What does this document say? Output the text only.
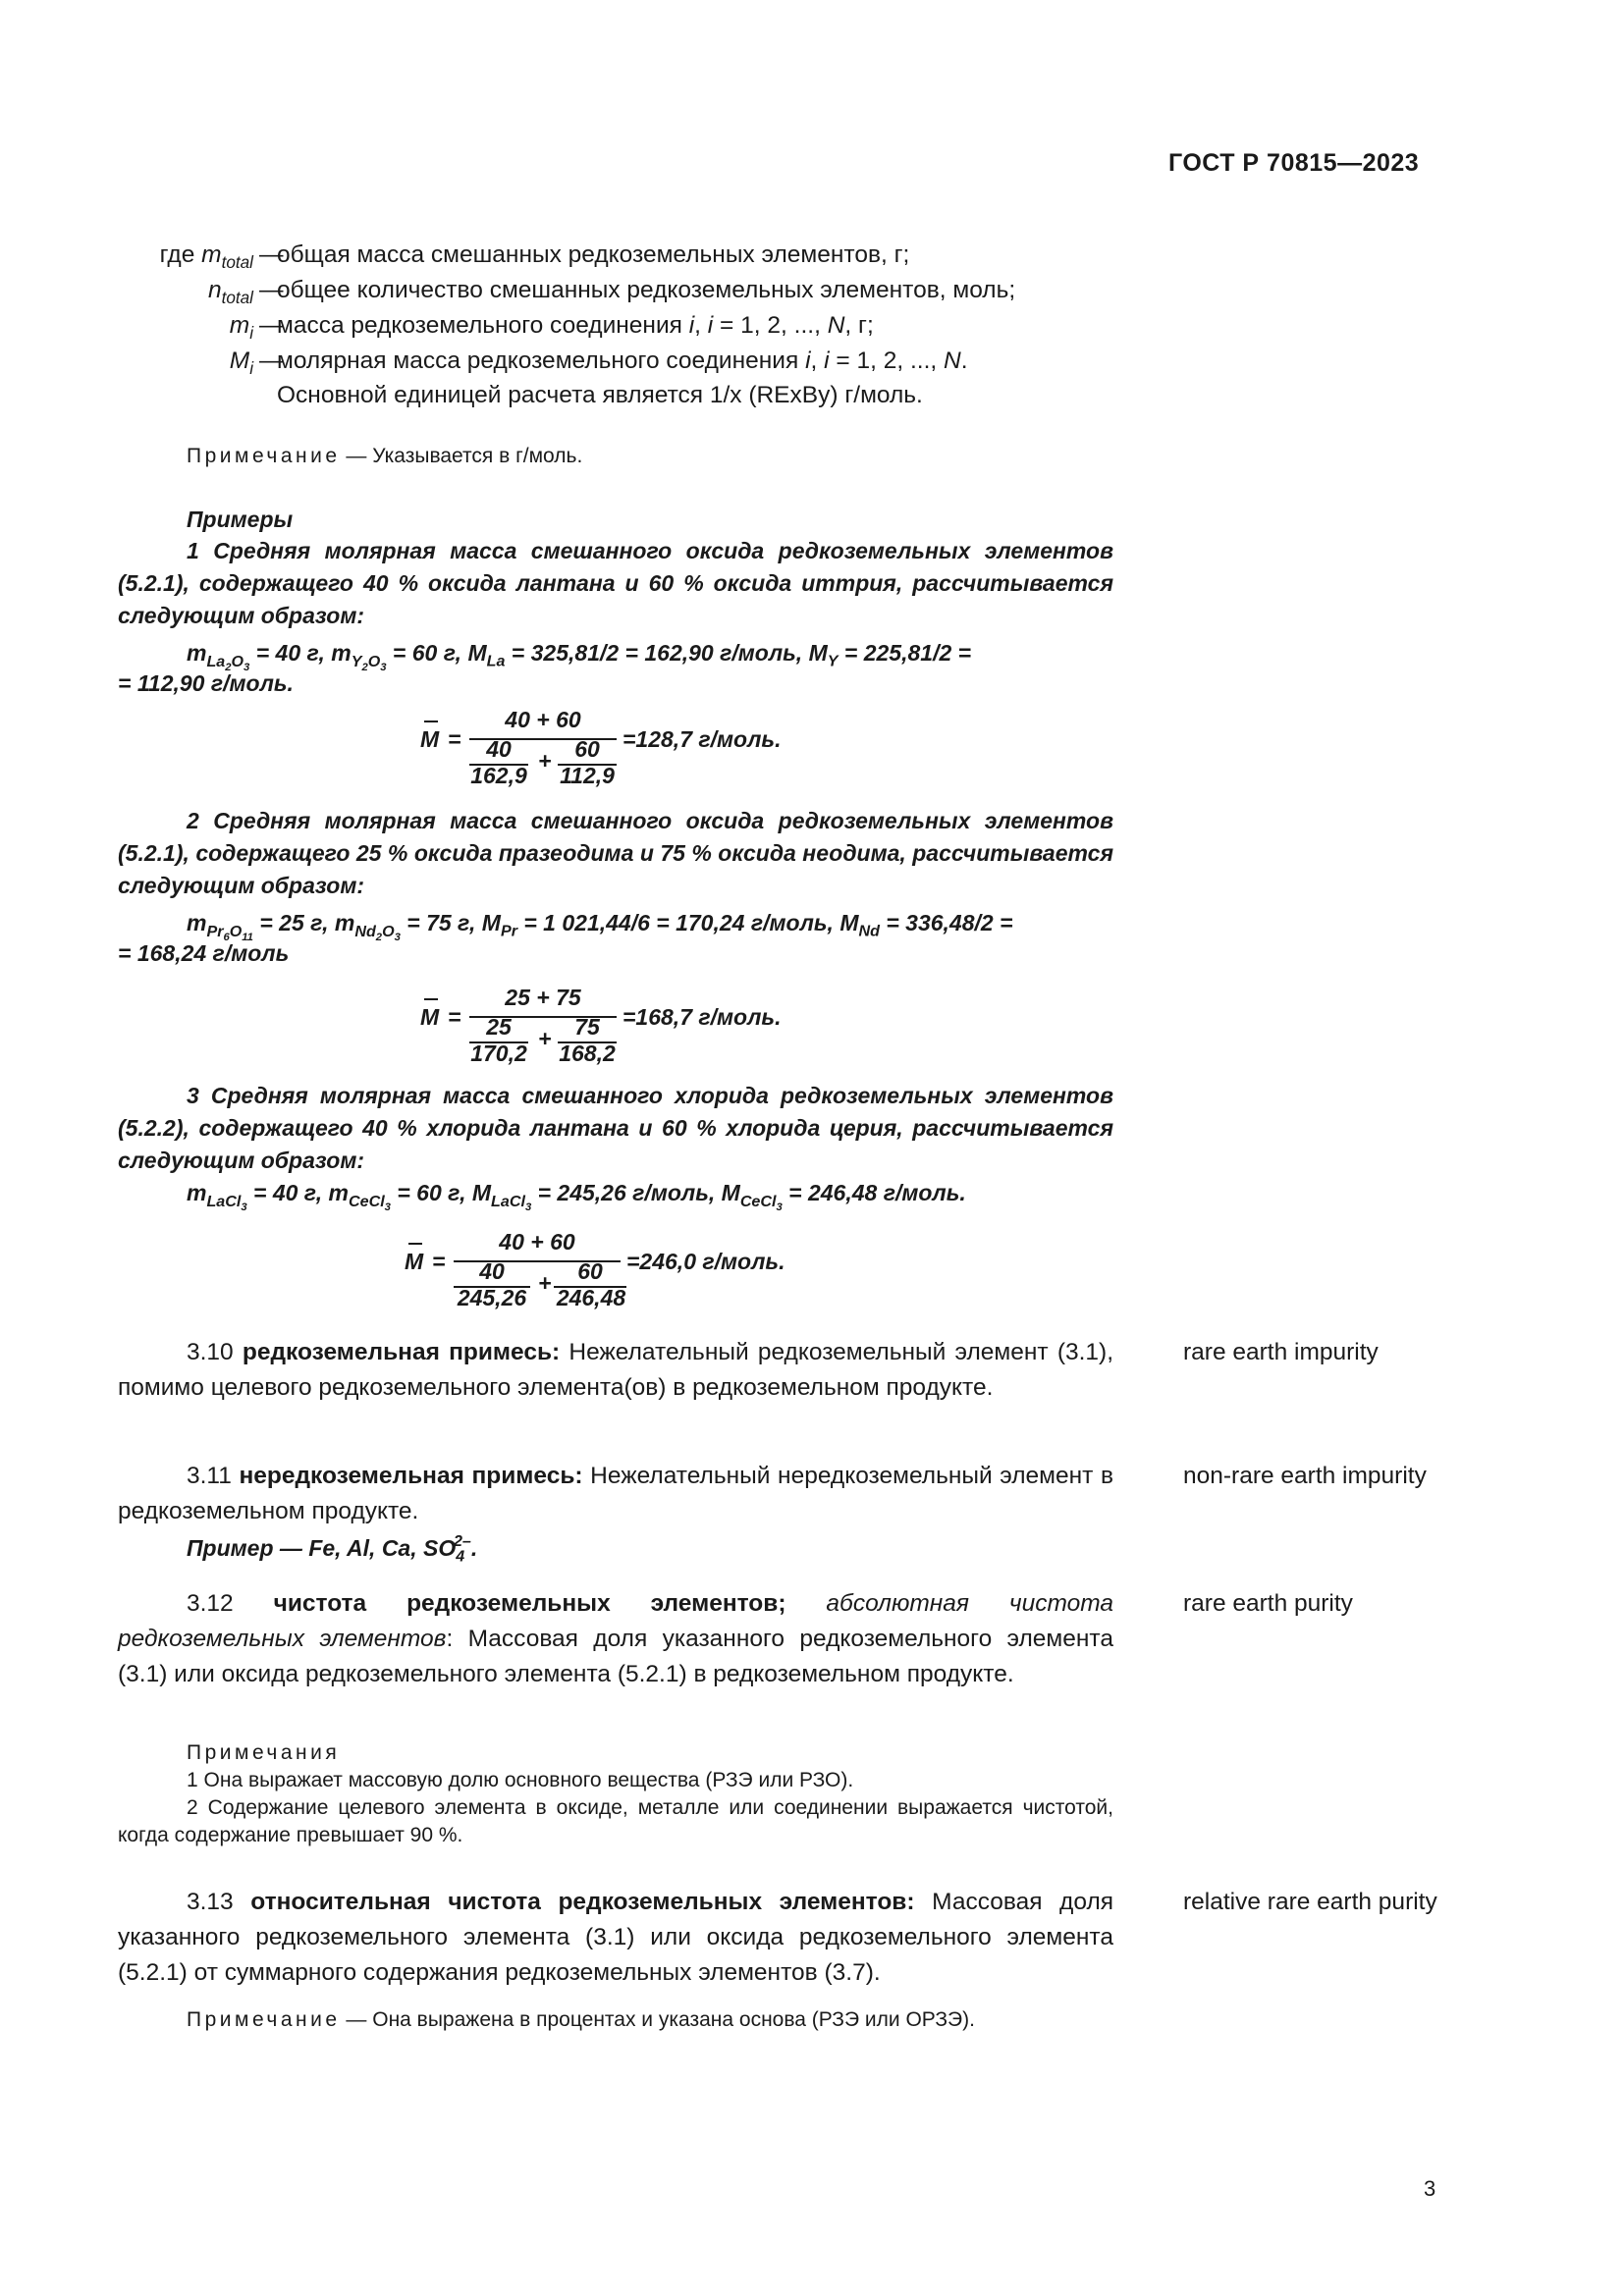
ГОСТ Р 70815—2023
где $m_{total}$ —
общая масса смешанных редкоземельных элементов, г;
$n_{total}$ —
общее количество смешанных редкоземельных элементов, моль;
$m_i$ —
масса редкоземельного соединения i, i = 1, 2, ..., N, г;
$M_i$ —
молярная масса редкоземельного соединения i, i = 1, 2, ..., N.
Основной единицей расчета является 1/x (RExBy) г/моль.
Примечание — Указывается в г/моль.
Примеры

1 Средняя молярная масса смешанного оксида редкоземельных элементов (5.2.1), содержащего 40 % оксида лантана и 60 % оксида иттрия, рассчитывается следующим образом:

$m_{La_2O_3} = 40$ г, $m_{Y_2O_3} = 60$ г, $M_{La} = 325,81/2 = 162,90$ г/моль, $M_Y = 225,81/2$ =
= 112,90 г/моль.
M =
40 + 60
40
162,9
+	60
112,9
=128,7 г/моль.

2 Средняя молярная масса смешанного оксида редкоземельных элементов (5.2.1), содержащего 25 % оксида празеодима и 75 % оксида неодима, рассчитывается следующим образом:

$m_{Pr_6O_{11}} = 25$ г, $m_{Nd_2O_3} = 75$ г, $M_{Pr} = 1$ 021,44/6 = 170,24 г/моль, $M_{Nd} = 336,48/2$ =
= 168,24 г/моль
M =
25 + 75
25
170,2
+	75
168,2
=168,7 г/моль.

3 Средняя молярная масса смешанного хлорида редкоземельных элементов (5.2.2), содержащего 40 % хлорида лантана и 60 % хлорида церия, рассчитывается следующим образом:

$m_{LaCl_3} = 40$ г, $m_{CeCl_3} = 60$ г, $M_{LaCl_3} = 245,26$ г/моль, $M_{CeCl_3} = 246,48$ г/моль.
M =
40 + 60
40
245,26
+	60
246,48
=246,0 г/моль.

3.10 редкоземельная примесь: Нежелательный редкоземельный элемент (3.1), помимо целевого редкоземельного элемента(ов) в редкоземельном продукте.

rare earth impurity

3.11 нередкоземельная примесь: Нежелательный нередкоземельный элемент в редкоземельном продукте.

non-rare earth impurity
Пример — Fe, Al, Ca, $SO_4^{2-}$.

3.12 чистота редкоземельных элементов; абсолютная чистота редкоземельных элементов: Массовая доля указанного редкоземельного элемента (3.1) или оксида редкоземельного элемента (5.2.1) в редкоземельном продукте.

rare earth purity

Примечания

1 Она выражает массовую долю основного вещества (РЗЭ или РЗО).

2 Содержание целевого элемента в оксиде, металле или соединении выражается чистотой, когда содержание превышает 90 %.

3.13 относительная чистота редкоземельных элементов: Массовая доля указанного редкоземельного элемента (3.1) или оксида редкоземельного элемента (5.2.1) от суммарного содержания редкоземельных элементов (3.7).

relative rare earth purity

Примечание — Она выражена в процентах и указана основа (РЗЭ или ОРЗЭ).

3
